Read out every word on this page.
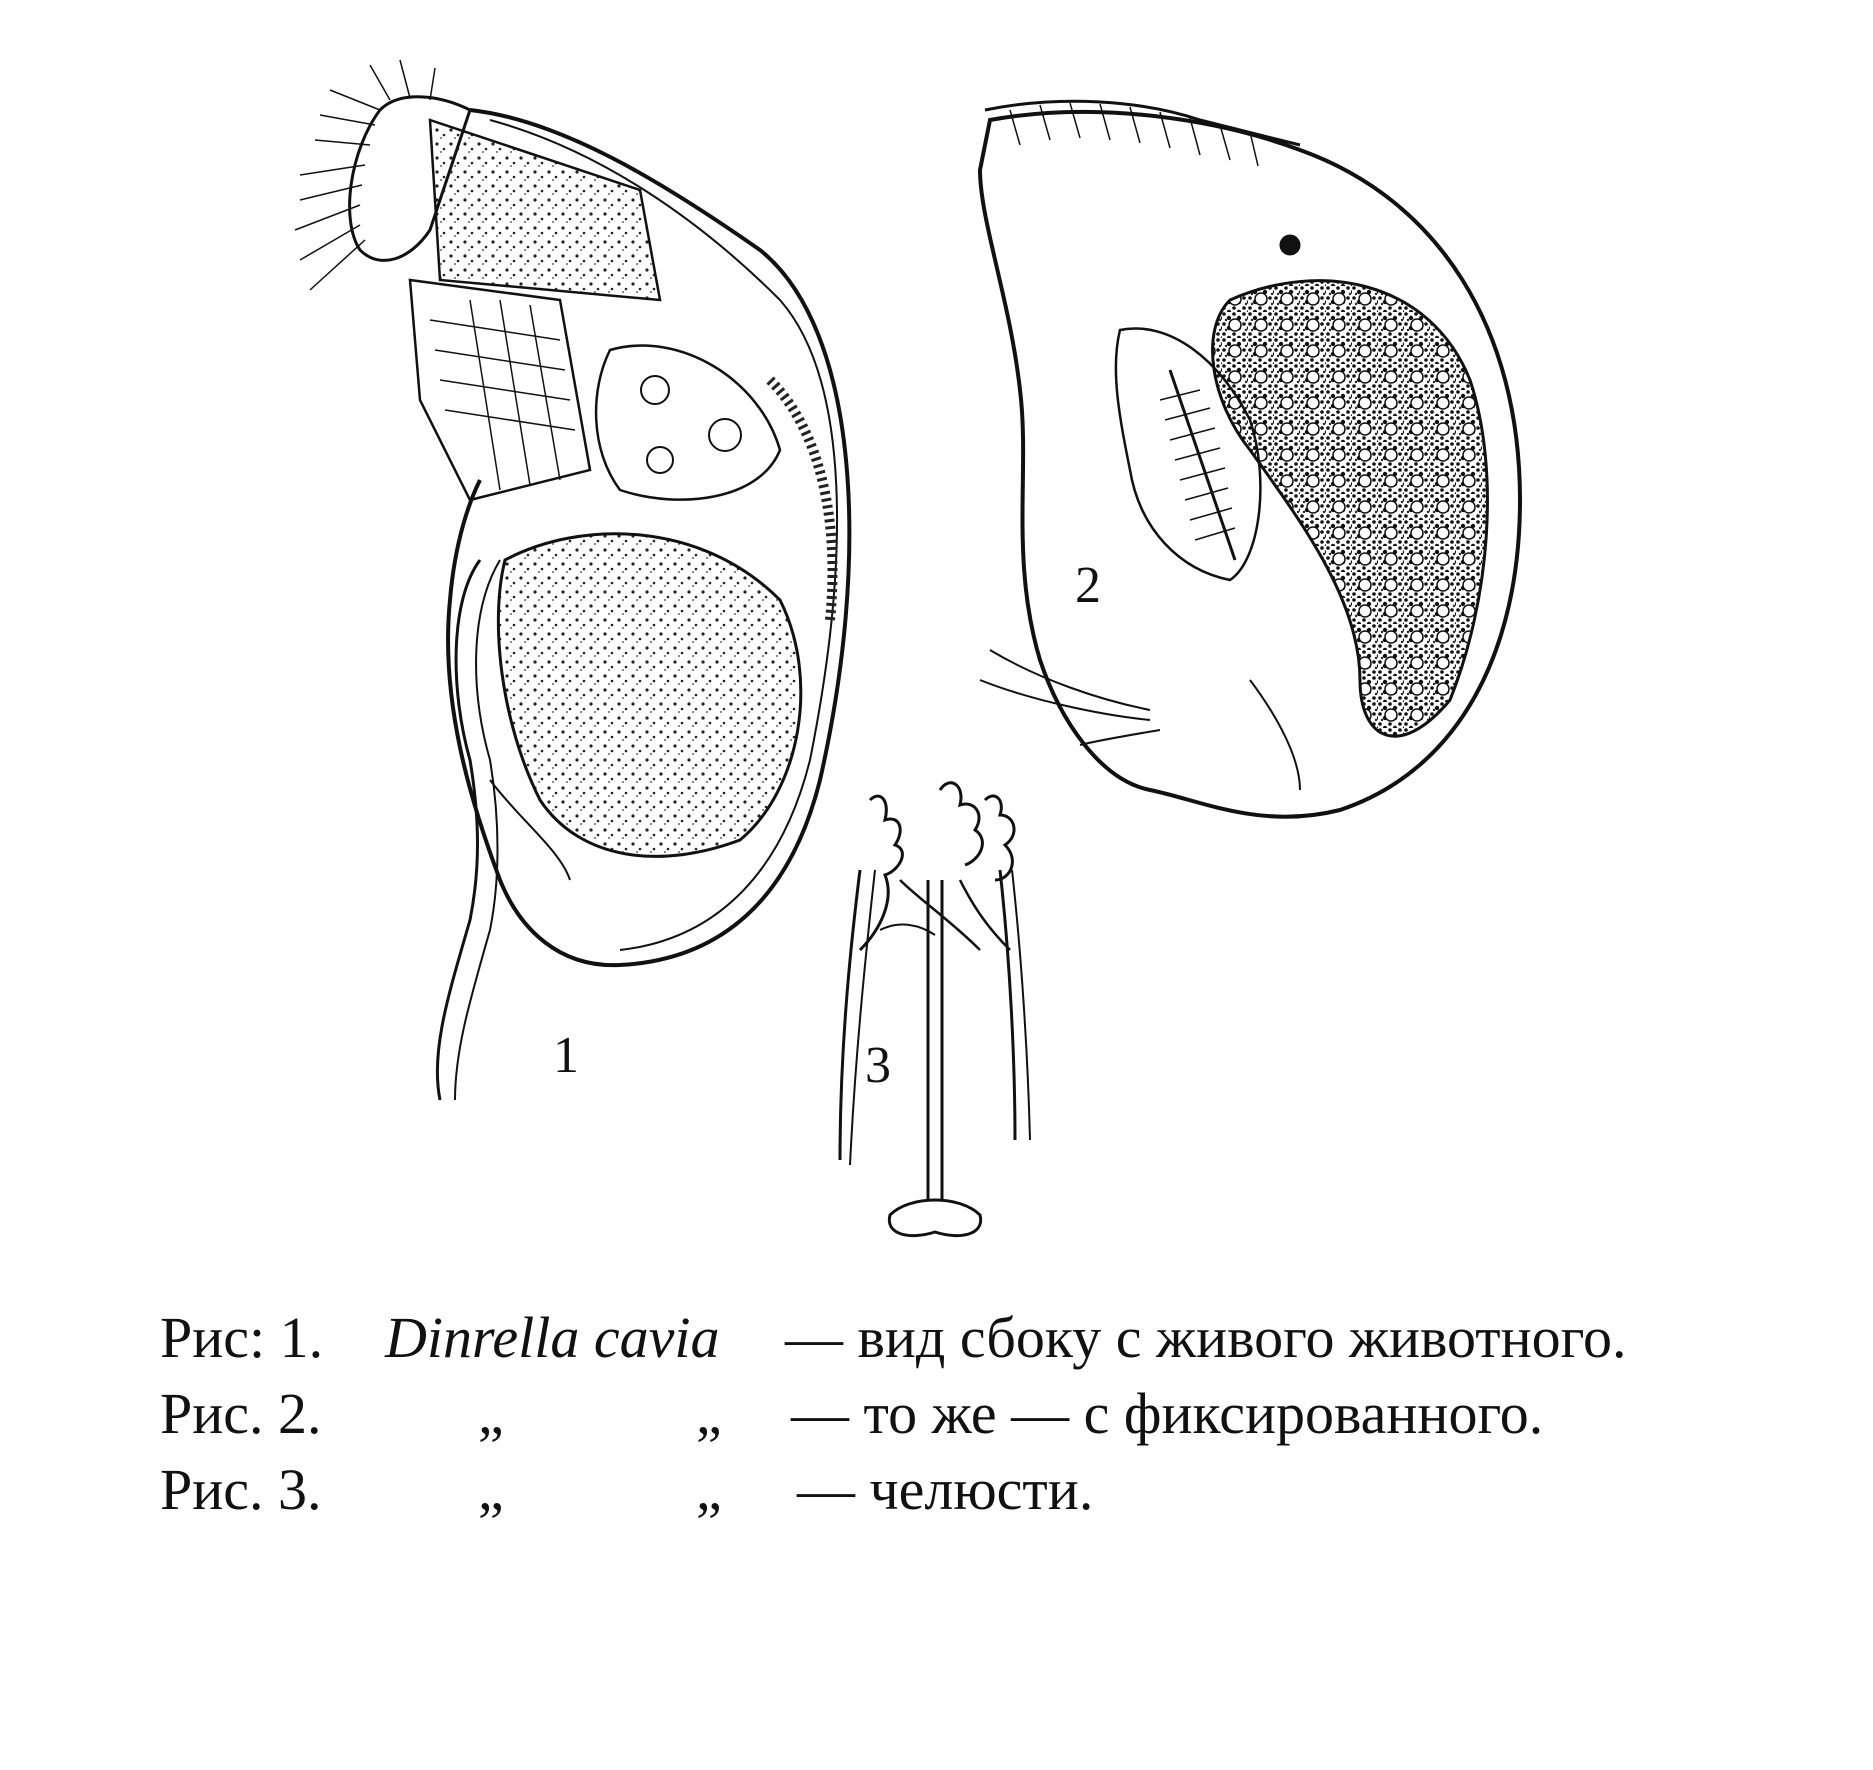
1
2
3
Рис: 1. Dinrella cavia — вид сбоку с живого животного.
Рис. 2.	„	„ — то же — с фиксированного.
Рис. 3.	„	„ — челюсти.
